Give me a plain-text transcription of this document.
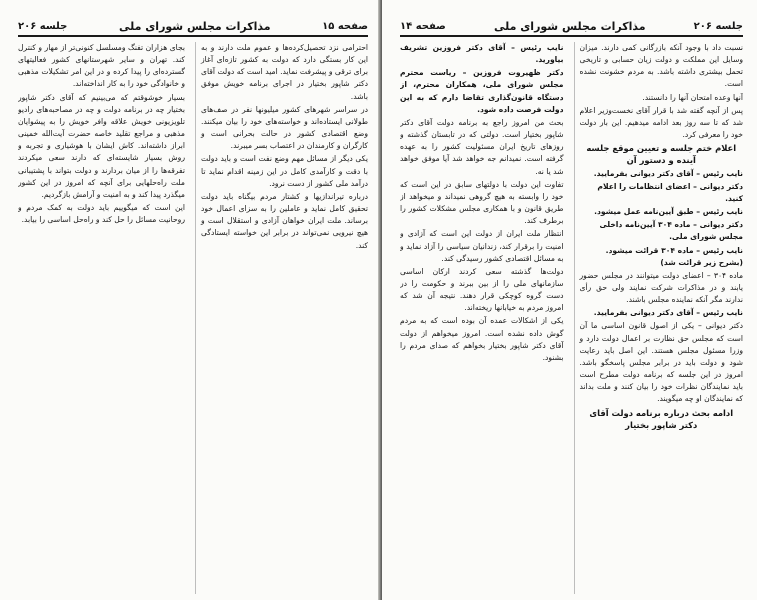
صفحه ۱۵
مذاکرات مجلس شورای ملی
جلسه ۲۰۶

احترامی نزد تحصیل‌کرده‌ها و عموم ملت دارند و به این کار بستگی دارد که دولت به کشور تازه‌ای آغاز برای ترقی و پیشرفت نماید. امید است که دولت آقای دکتر شاپور بختیار در اجرای برنامه خویش موفق باشد.

در سراسر شهرهای کشور میلیونها نفر در صف‌های طولانی ایستاده‌اند و خواسته‌های خود را بیان میکنند. وضع اقتصادی کشور در حالت بحرانی است و کارگران و کارمندان در اعتصاب بسر میبرند.

یکی دیگر از مسائل مهم وضع نفت است و باید دولت با دقت و کارآمدی کامل در این زمینه اقدام نماید تا درآمد ملی کشور از دست نرود.

درباره تیراندازیها و کشتار مردم بیگناه باید دولت تحقیق کامل نماید و عاملین را به سزای اعمال خود برساند. ملت ایران خواهان آزادی و استقلال است و هیچ نیرویی نمی‌تواند در برابر این خواسته ایستادگی کند.

بجای هزاران تفنگ ومسلسل کنونی‌تر از مهار و کنترل کند. تهران و سایر شهرستانهای کشور فعالیتهای گسترده‌ای را پیدا کرده و در این امر تشکیلات مذهبی و خانوادگی خود را به کار انداخته‌اند.

بسیار خوشوقتم که می‌بینیم که آقای دکتر شاپور بختیار چه در برنامه دولت و چه در مصاحبه‌های رادیو تلویزیونی خویش علاقه وافر خویش را به پیشوایان مذهبی و مراجع تقلید خاصه حضرت آیت‌الله خمینی ابراز داشته‌اند. کاش ایشان با هوشیاری و تجربه و روش بسیار شایسته‌ای که دارند سعی میکردند تفرقه‌ها را از میان بردارند و دولت بتواند با پشتیبانی ملت راه‌حلهایی برای آنچه که امروز در این کشور میگذرد پیدا کند و به امنیت و آرامش بازگردیم.

این است که میگوییم باید دولت به کمک مردم و روحانیت مسائل را حل کند و راه‌حل اساسی را بیابد.

جلسه ۲۰۶
مذاکرات مجلس شورای ملی
صفحه ۱۴

نسبت داد با وجود آنکه بازرگانی کمی دارند. میزان وسایل این مملکت و دولت زیان حسابی و تاریخی تحمل بیشتری داشته باشد. به مردم خشونت نشده است.

آنها وعده امتحان آنها را دانستند.

پس از آنچه گفته شد با قرار آقای نخست‌وزیر اعلام شد که تا سه روز بعد ادامه میدهیم. این بار دولت خود را معرفی کرد.

اعلام ختم جلسه و تعیین موقع جلسه آینده و دستور آن

نایب رئیس – آقای دکتر دیوانی بفرمایید.

دکتر دیوانی – اعضای انتظامات را اعلام کنید.

نایب رئیس – طبق آیین‌نامه عمل میشود.

دکتر دیوانی – ماده ۳۰۴ آیین‌نامه داخلی مجلس شورای ملی.

نایب رئیس – ماده ۳۰۴ قرائت میشود. (بشرح زیر قرائت شد)

ماده ۳۰۴ – اعضای دولت میتوانند در مجلس حضور یابند و در مذاکرات شرکت نمایند ولی حق رأی ندارند مگر آنکه نماینده مجلس باشند.

نایب رئیس – آقای دکتر دیوانی بفرمایید.

دکتر دیوانی – یکی از اصول قانون اساسی ما آن است که مجلس حق نظارت بر اعمال دولت دارد و وزرا مسئول مجلس هستند. این اصل باید رعایت شود و دولت باید در برابر مجلس پاسخگو باشد. امروز در این جلسه که برنامه دولت مطرح است باید نمایندگان نظرات خود را بیان کنند و ملت بداند که نمایندگان او چه میگویند.

ادامه بحث درباره برنامه دولت آقای دکتر شاپور بختیار

نایب رئیس – آقای دکتر فروزین تشریف بیاورید.

دکتر ظهیروت فروزین – ریاست محترم مجلس شورای ملی، همکاران محترم، از دستگاه قانون‌گذاری تقاضا دارم که به این دولت فرصت داده شود.

بحث من امروز راجع به برنامه دولت آقای دکتر شاپور بختیار است. دولتی که در تابستان گذشته و روزهای تاریخ ایران مسئولیت کشور را به عهده گرفته است. نمیدانم جه خواهد شد آیا موفق خواهد شد یا نه.

تفاوت این دولت با دولتهای سابق در این است که خود را وابسته به هیچ گروهی نمیداند و میخواهد از طریق قانون و با همکاری مجلس مشکلات کشور را برطرف کند.

انتظار ملت ایران از دولت این است که آزادی و امنیت را برقرار کند، زندانیان سیاسی را آزاد نماید و به مسائل اقتصادی کشور رسیدگی کند.

دولت‌ها گذشته سعی کردند ارکان اساسی سازمانهای ملی را از بین ببرند و حکومت را در دست گروه کوچکی قرار دهند. نتیجه آن شد که امروز مردم به خیابانها ریخته‌اند.

یکی از اشکالات عمده آن بوده است که به مردم گوش داده نشده است. امروز میخواهم از دولت آقای دکتر شاپور بختیار بخواهم که صدای مردم را بشنود.
